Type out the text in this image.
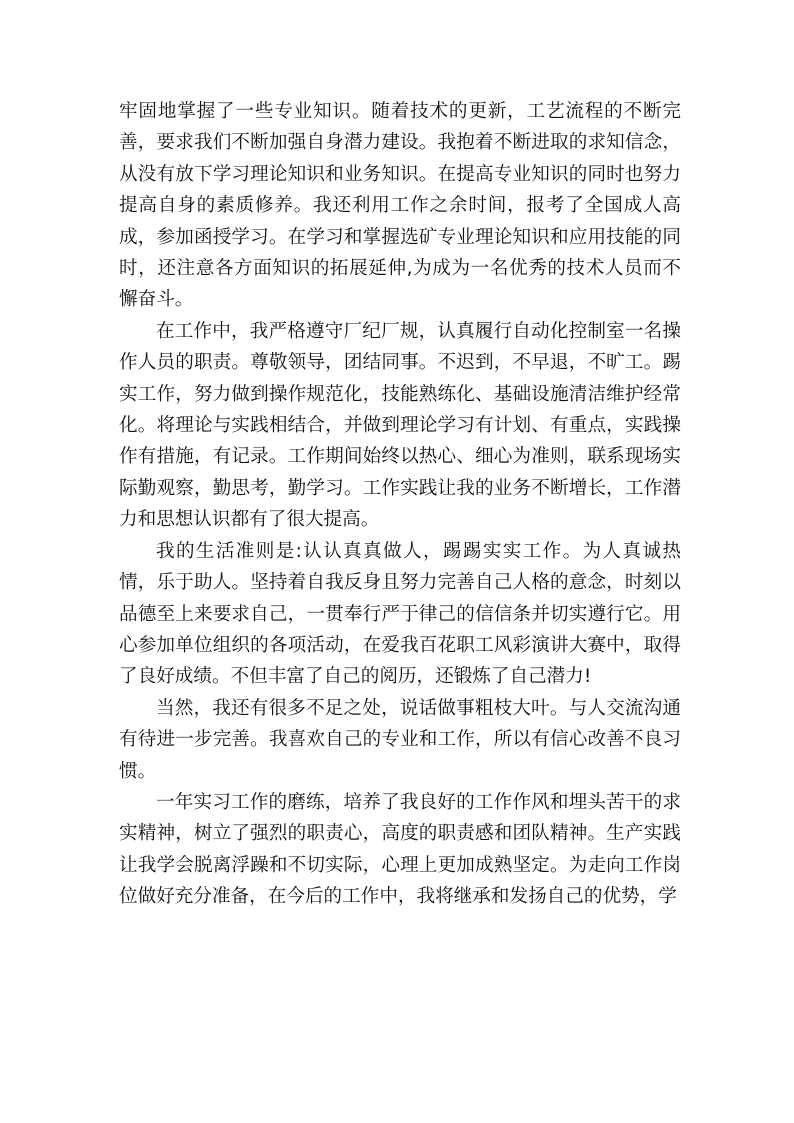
牢固地掌握了一些专业知识。随着技术的更新，工艺流程的不断完善，要求我们不断加强自身潜力建设。我抱着不断进取的求知信念，从没有放下学习理论知识和业务知识。在提高专业知识的同时也努力提高自身的素质修养。我还利用工作之余时间，报考了全国成人高成，参加函授学习。在学习和掌握选矿专业理论知识和应用技能的同时，还注意各方面知识的拓展延伸,为成为一名优秀的技术人员而不懈奋斗。

在工作中，我严格遵守厂纪厂规，认真履行自动化控制室一名操作人员的职责。尊敬领导，团结同事。不迟到，不早退，不旷工。踢实工作，努力做到操作规范化，技能熟练化、基础设施清洁维护经常化。将理论与实践相结合，并做到理论学习有计划、有重点，实践操作有措施，有记录。工作期间始终以热心、细心为准则，联系现场实际勤观察，勤思考，勤学习。工作实践让我的业务不断增长，工作潜力和思想认识都有了很大提高。

我的生活准则是:认认真真做人，踢踢实实工作。为人真诚热情，乐于助人。坚持着自我反身且努力完善自己人格的意念，时刻以品德至上来要求自己，一贯奉行严于律己的信信条并切实遵行它。用心参加单位组织的各项活动，在爱我百花职工风彩演讲大赛中，取得了良好成绩。不但丰富了自己的阅历，还锻炼了自己潜力!

当然，我还有很多不足之处，说话做事粗枝大叶。与人交流沟通有待进一步完善。我喜欢自己的专业和工作，所以有信心改善不良习惯。

一年实习工作的磨练，培养了我良好的工作作风和埋头苦干的求实精神，树立了强烈的职责心，高度的职责感和团队精神。生产实践让我学会脱离浮躁和不切实际，心理上更加成熟坚定。为走向工作岗位做好充分准备，在今后的工作中，我将继承和发扬自己的优势，学
